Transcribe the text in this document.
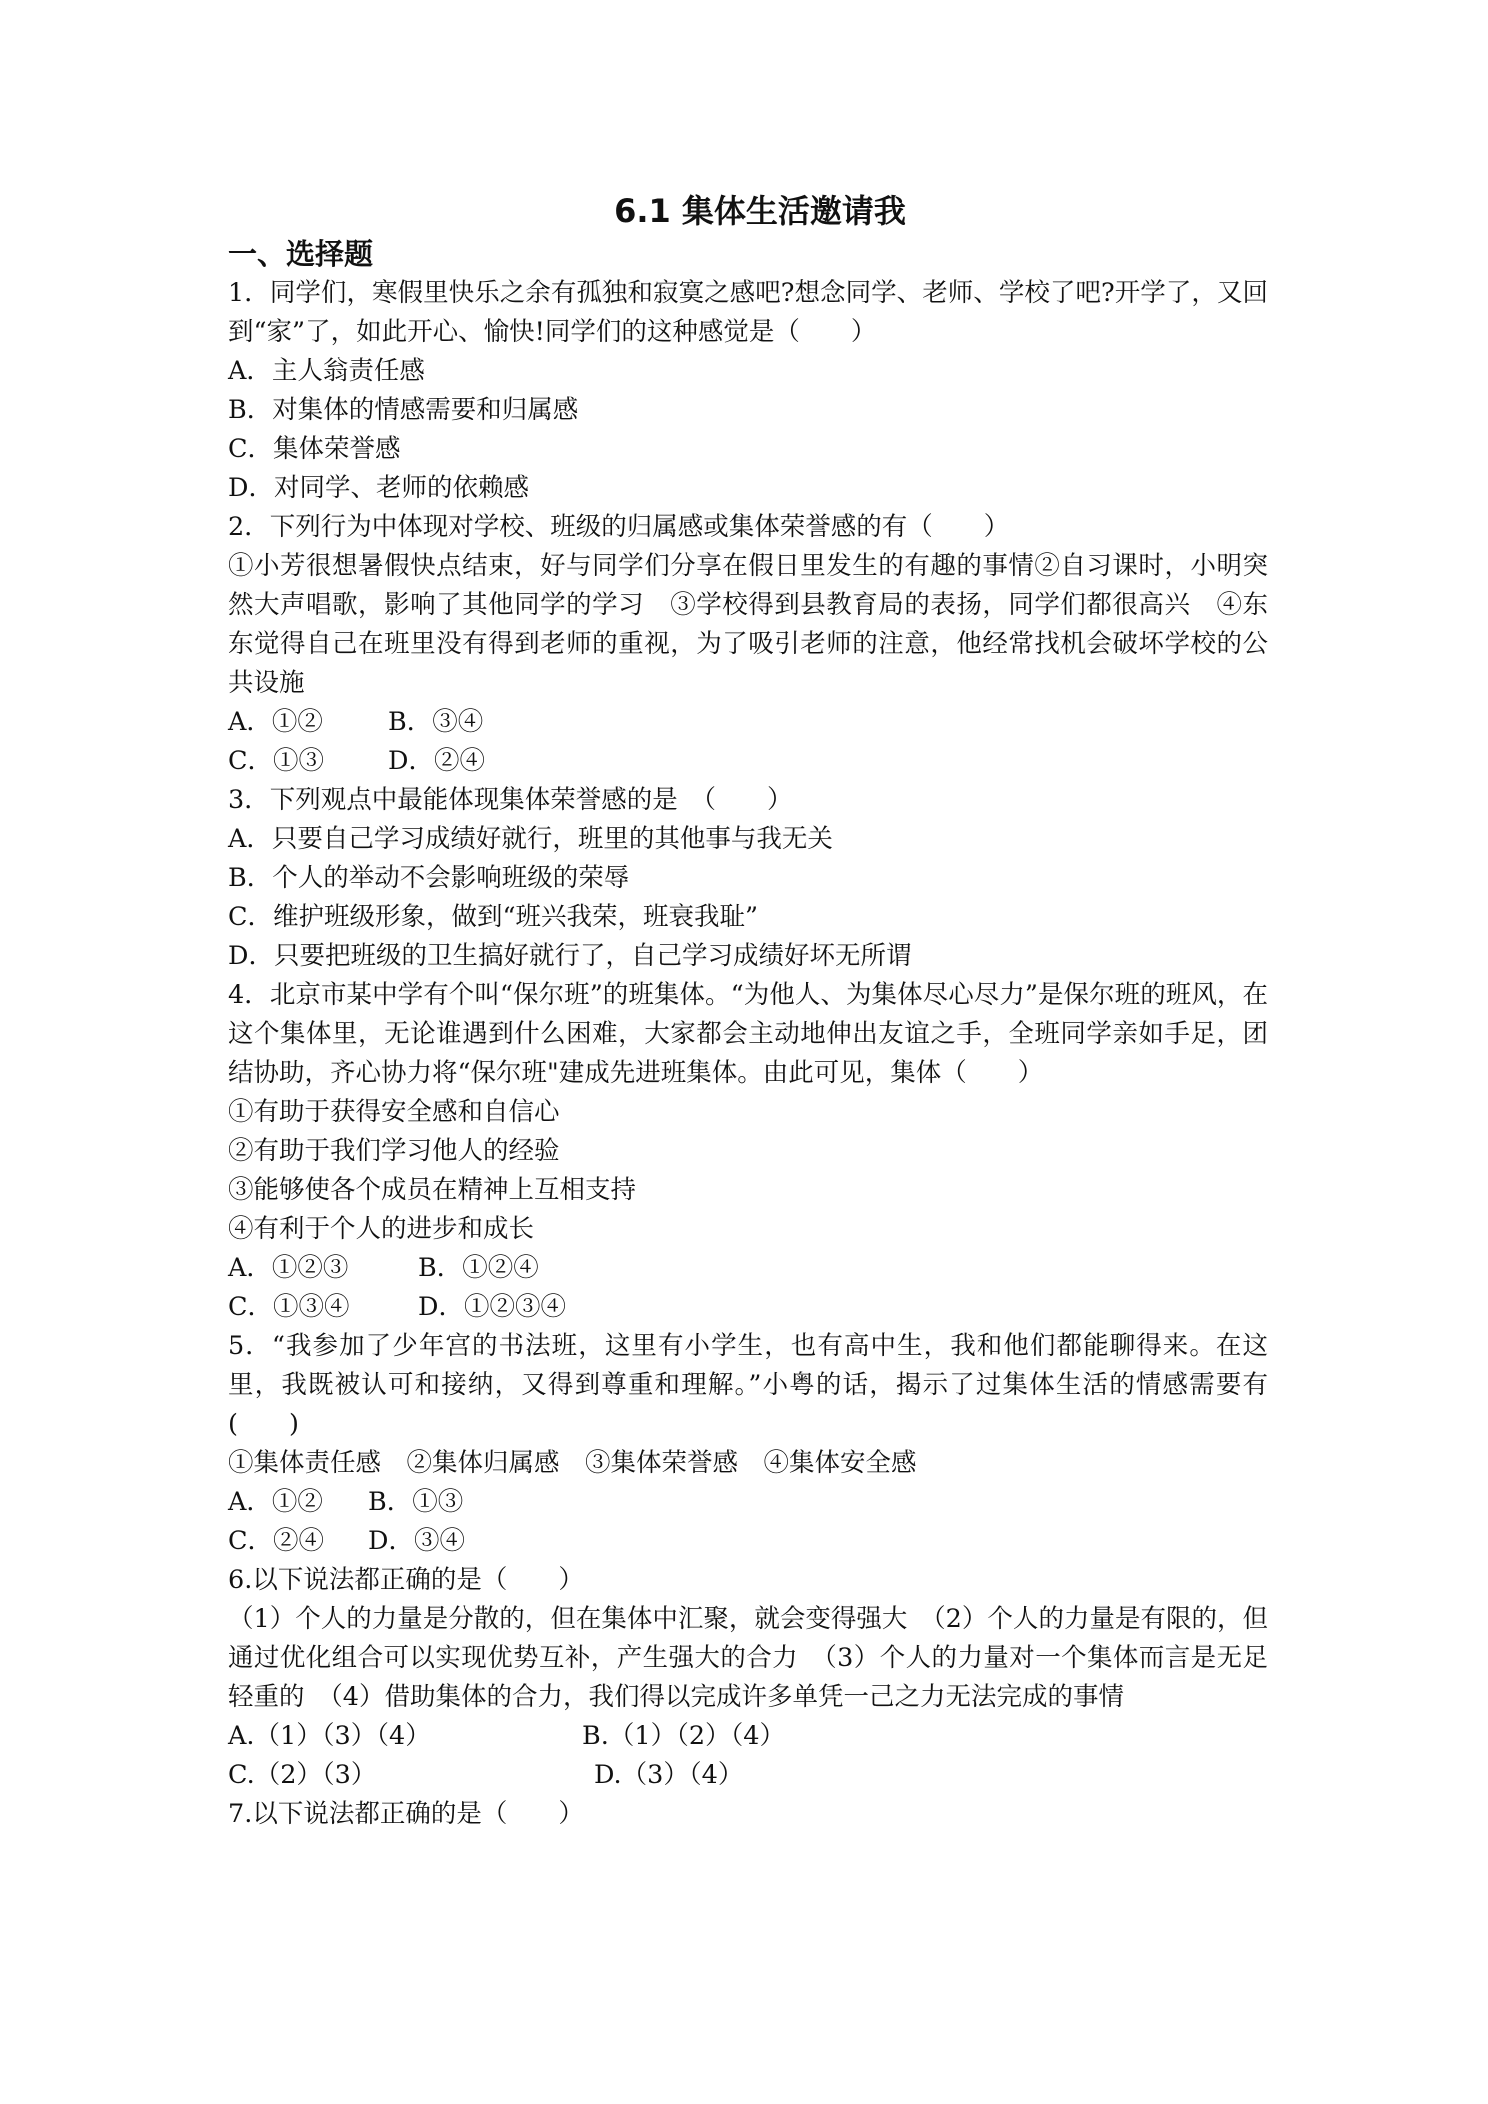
6.1 集体生活邀请我
一、选择题
1．同学们，寒假里快乐之余有孤独和寂寞之感吧?想念同学、老师、学校了吧?开学了，又回到“家”了，如此开心、愉快!同学们的这种感觉是（　　）
A．主人翁责任感
B．对集体的情感需要和归属感
C．集体荣誉感
D．对同学、老师的依赖感
2．下列行为中体现对学校、班级的归属感或集体荣誉感的有（　　）
①小芳很想暑假快点结束，好与同学们分享在假日里发生的有趣的事情②自习课时，小明突然大声唱歌，影响了其他同学的学习　③学校得到县教育局的表扬，同学们都很高兴　④东东觉得自己在班里没有得到老师的重视，为了吸引老师的注意，他经常找机会破坏学校的公共设施
A．①②	B．③④
C．①③	D．②④
3．下列观点中最能体现集体荣誉感的是　（　　）
A．只要自己学习成绩好就行，班里的其他事与我无关
B．个人的举动不会影响班级的荣辱
C．维护班级形象，做到“班兴我荣，班衰我耻”
D．只要把班级的卫生搞好就行了，自己学习成绩好坏无所谓
4．北京市某中学有个叫“保尔班”的班集体。“为他人、为集体尽心尽力”是保尔班的班风，在这个集体里，无论谁遇到什么困难，大家都会主动地伸出友谊之手，全班同学亲如手足，团结协助，齐心协力将“保尔班"建成先进班集体。由此可见，集体（　　）
①有助于获得安全感和自信心
②有助于我们学习他人的经验
③能够使各个成员在精神上互相支持
④有利于个人的进步和成长
A．①②③	B．①②④
C．①③④	D．①②③④
5．“我参加了少年宫的书法班，这里有小学生，也有高中生，我和他们都能聊得来。在这里，我既被认可和接纳，又得到尊重和理解。”小粤的话，揭示了过集体生活的情感需要有(　　)
①集体责任感　②集体归属感　③集体荣誉感　④集体安全感
A．①②	B．①③
C．②④	D．③④
6.以下说法都正确的是（　　）
（1）个人的力量是分散的，但在集体中汇聚，就会变得强大　（2）个人的力量是有限的，但通过优化组合可以实现优势互补，产生强大的合力　（3）个人的力量对一个集体而言是无足轻重的　（4）借助集体的合力，我们得以完成许多单凭一己之力无法完成的事情
A.（1）（3）（4）	B.（1）（2）（4）
C.（2）（3）	D.（3）（4）
7.以下说法都正确的是（　　）
